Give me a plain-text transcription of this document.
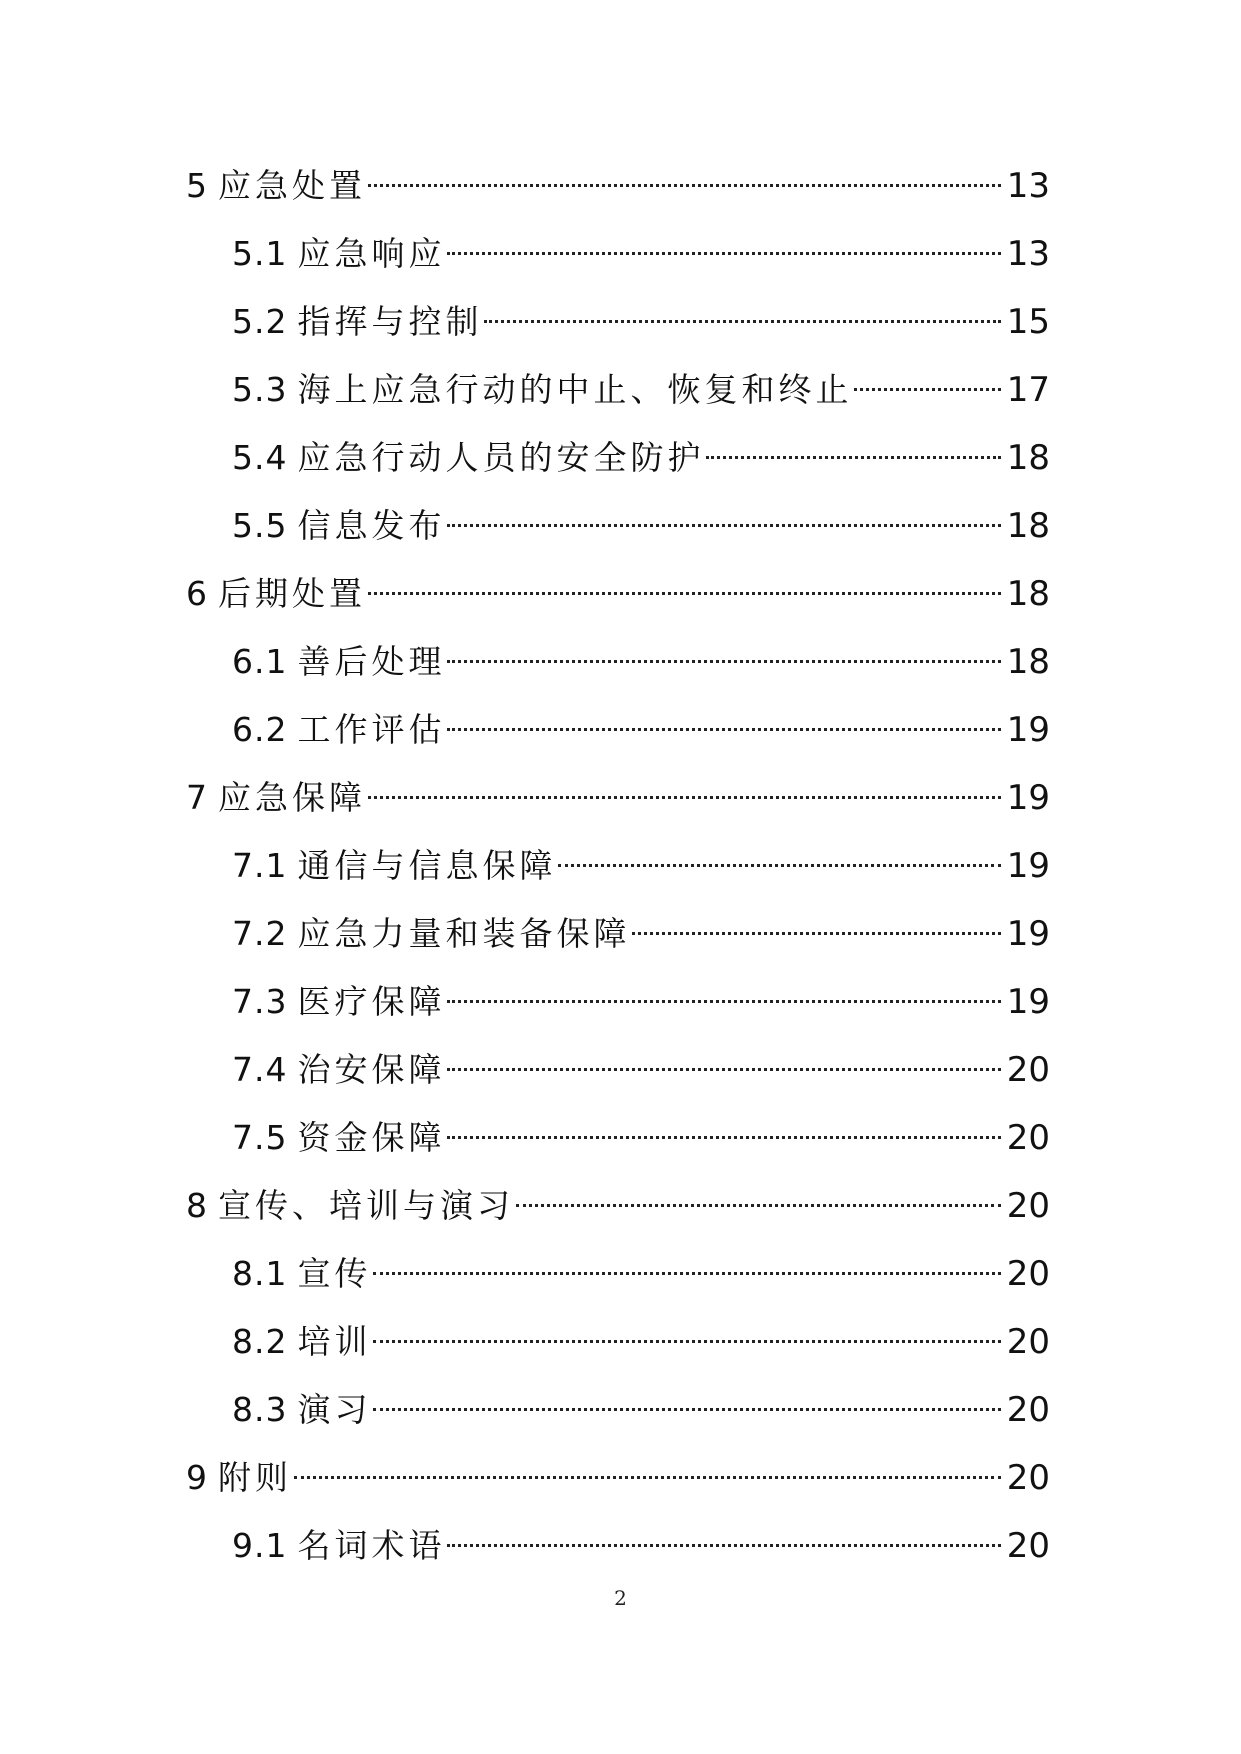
5 应急处置	13
5.1 应急响应	13
5.2 指挥与控制	15
5.3 海上应急行动的中止、恢复和终止	17
5.4 应急行动人员的安全防护	18
5.5 信息发布	18
6 后期处置	18
6.1 善后处理	18
6.2 工作评估	19
7 应急保障	19
7.1 通信与信息保障	19
7.2 应急力量和装备保障	19
7.3 医疗保障	19
7.4 治安保障	20
7.5 资金保障	20
8 宣传、培训与演习	20
8.1 宣传	20
8.2 培训	20
8.3 演习	20
9 附则	20
9.1 名词术语	20
2
